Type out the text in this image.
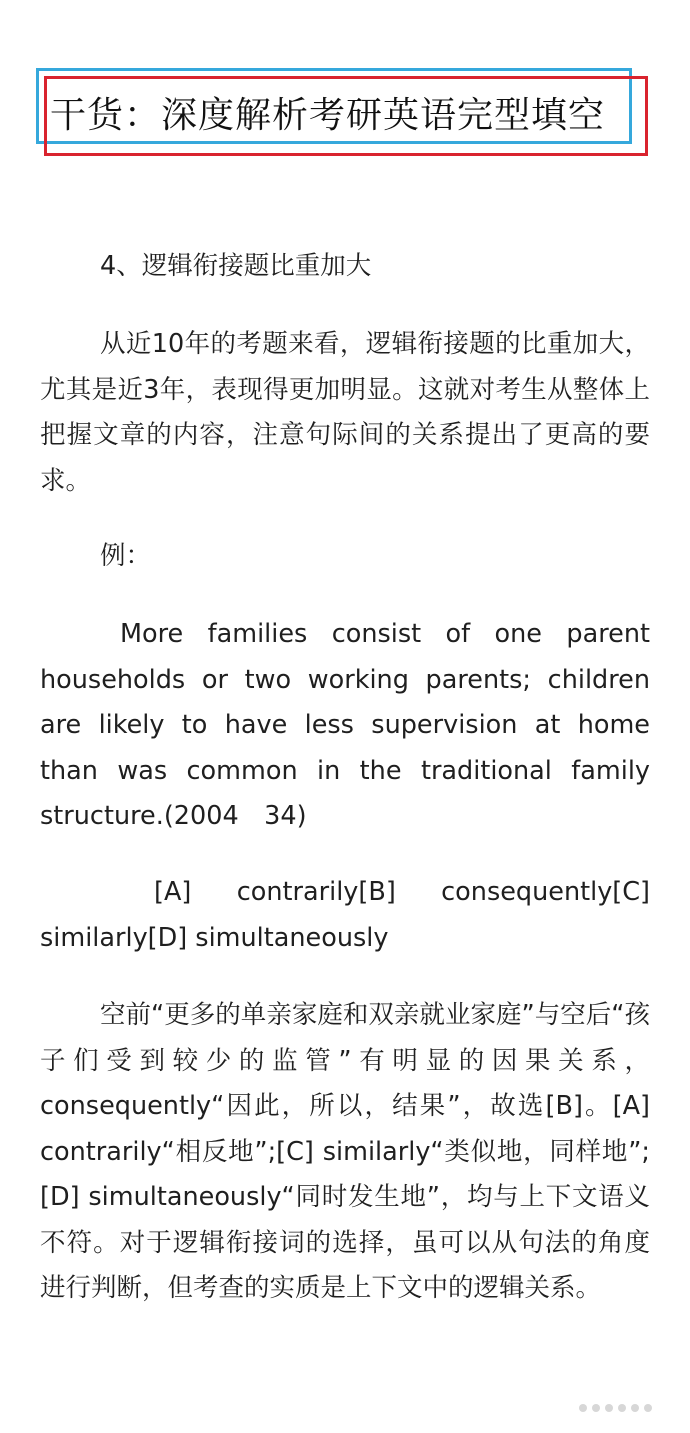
干货：深度解析考研英语完型填空

4、逻辑衔接题比重加大

从近10年的考题来看，逻辑衔接题的比重加大，尤其是近3年，表现得更加明显。这就对考生从整体上把握文章的内容，注意句际间的关系提出了更高的要求。

例：

More families consist of one parent households or two working parents; children are likely to have less supervision at home than was common in the traditional family structure.(2004　34)

[A] contrarily[B] consequently[C] similarly[D] simultaneously

空前“更多的单亲家庭和双亲就业家庭”与空后“孩子们受到较少的监管”有明显的因果关系，consequently“因此，所以，结果”，故选[B]。[A] contrarily“相反地”;[C] similarly“类似地，同样地”;[D] simultaneously“同时发生地”，均与上下文语义不符。对于逻辑衔接词的选择，虽可以从句法的角度进行判断，但考查的实质是上下文中的逻辑关系。
